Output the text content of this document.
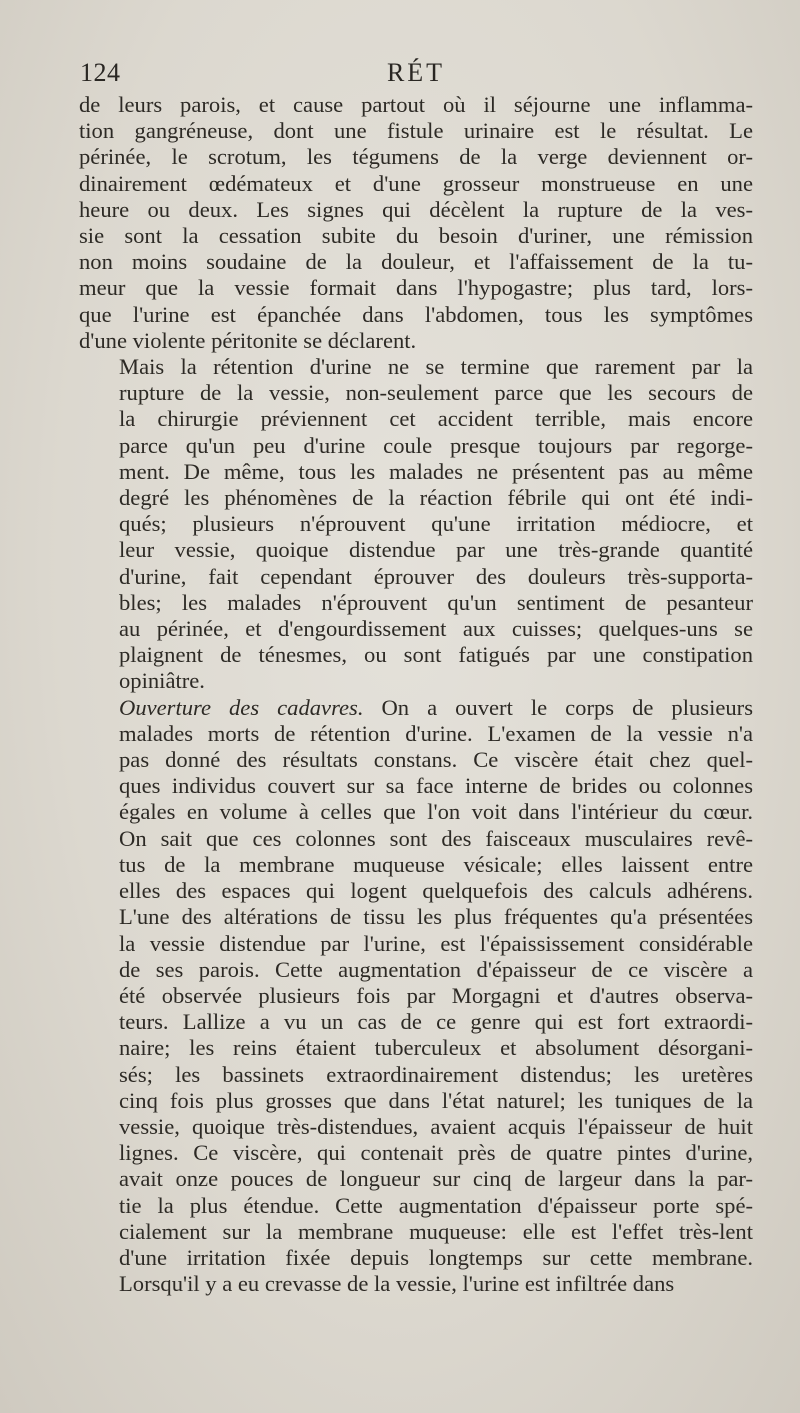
124	RÉT

de leurs parois, et cause partout où il séjourne une inflamma-
tion gangréneuse, dont une fistule urinaire est le résultat. Le
périnée, le scrotum, les tégumens de la verge deviennent or-
dinairement œdémateux et d'une grosseur monstrueuse en une
heure ou deux. Les signes qui décèlent la rupture de la ves-
sie sont la cessation subite du besoin d'uriner, une rémission
non moins soudaine de la douleur, et l'affaissement de la tu-
meur que la vessie formait dans l'hypogastre; plus tard, lors-
que l'urine est épanchée dans l'abdomen, tous les symptômes
d'une violente péritonite se déclarent.

Mais la rétention d'urine ne se termine que rarement par la
rupture de la vessie, non-seulement parce que les secours de
la chirurgie préviennent cet accident terrible, mais encore
parce qu'un peu d'urine coule presque toujours par regorge-
ment. De même, tous les malades ne présentent pas au même
degré les phénomènes de la réaction fébrile qui ont été indi-
qués; plusieurs n'éprouvent qu'une irritation médiocre, et
leur vessie, quoique distendue par une très-grande quantité
d'urine, fait cependant éprouver des douleurs très-supporta-
bles; les malades n'éprouvent qu'un sentiment de pesanteur
au périnée, et d'engourdissement aux cuisses; quelques-uns se
plaignent de ténesmes, ou sont fatigués par une constipation
opiniâtre.

Ouverture des cadavres. On a ouvert le corps de plusieurs
malades morts de rétention d'urine. L'examen de la vessie n'a
pas donné des résultats constans. Ce viscère était chez quel-
ques individus couvert sur sa face interne de brides ou colonnes
égales en volume à celles que l'on voit dans l'intérieur du cœur.
On sait que ces colonnes sont des faisceaux musculaires revê-
tus de la membrane muqueuse vésicale; elles laissent entre
elles des espaces qui logent quelquefois des calculs adhérens.
L'une des altérations de tissu les plus fréquentes qu'a présentées
la vessie distendue par l'urine, est l'épaississement considérable
de ses parois. Cette augmentation d'épaisseur de ce viscère a
été observée plusieurs fois par Morgagni et d'autres observa-
teurs. Lallize a vu un cas de ce genre qui est fort extraordi-
naire; les reins étaient tuberculeux et absolument désorgani-
sés; les bassinets extraordinairement distendus; les uretères
cinq fois plus grosses que dans l'état naturel; les tuniques de la
vessie, quoique très-distendues, avaient acquis l'épaisseur de huit
lignes. Ce viscère, qui contenait près de quatre pintes d'urine,
avait onze pouces de longueur sur cinq de largeur dans la par-
tie la plus étendue. Cette augmentation d'épaisseur porte spé-
cialement sur la membrane muqueuse: elle est l'effet très-lent
d'une irritation fixée depuis longtemps sur cette membrane.
Lorsqu'il y a eu crevasse de la vessie, l'urine est infiltrée dans
